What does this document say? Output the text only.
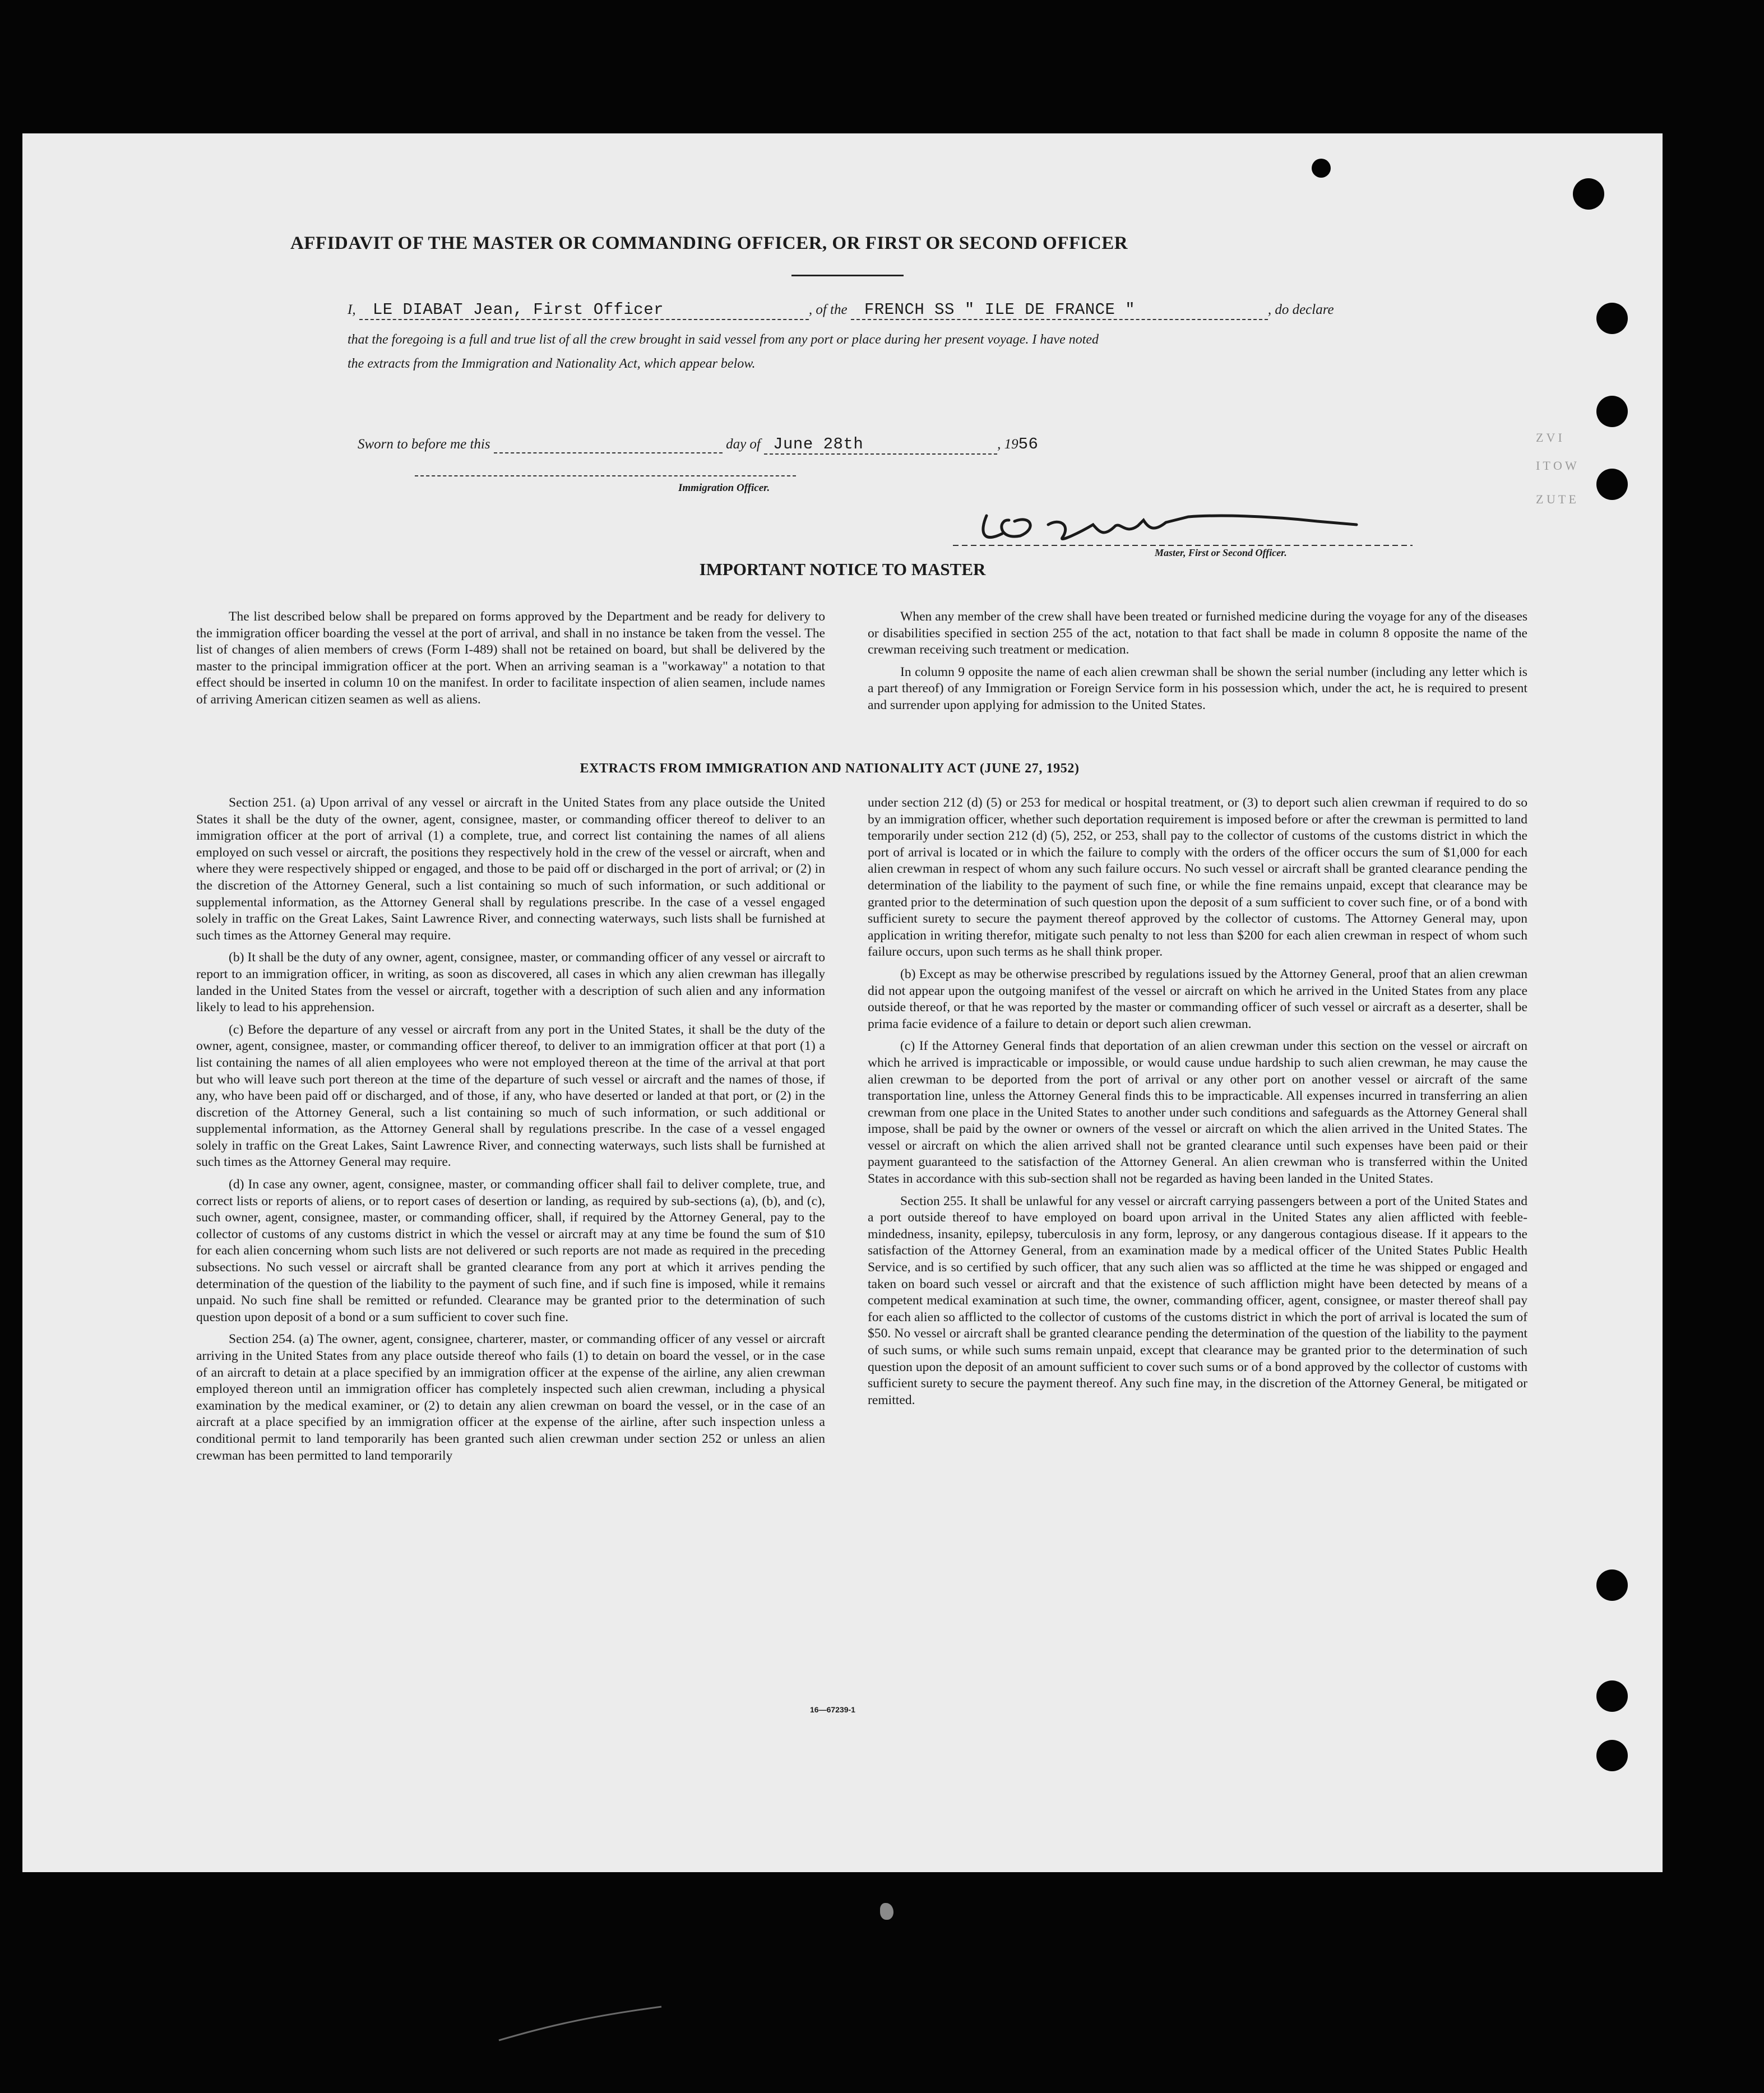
Z V I
I T O W
Z U T E
AFFIDAVIT OF THE MASTER OR COMMANDING OFFICER, OR FIRST OR SECOND OFFICER
I, LE DIABAT Jean, First Officer	, of the FRENCH SS " ILE DE FRANCE "	, do declare
that the foregoing is a full and true list of all the crew brought in said vessel from any port or place during her present voyage. I have noted
the extracts from the Immigration and Nationality Act, which appear below.
Master, First or Second Officer.
Sworn to before me this	day of June 28th	, 1956
Immigration Officer.
IMPORTANT NOTICE TO MASTER

The list described below shall be prepared on forms approved by the Department and be ready for delivery to the immigration officer boarding the vessel at the port of arrival, and shall in no instance be taken from the vessel. The list of changes of alien members of crews (Form I-489) shall not be retained on board, but shall be delivered by the master to the principal immigration officer at the port. When an arriving seaman is a "workaway" a notation to that effect should be inserted in column 10 on the manifest. In order to facilitate inspection of alien seamen, include names of arriving American citizen seamen as well as aliens.

When any member of the crew shall have been treated or furnished medicine during the voyage for any of the diseases or disabilities specified in section 255 of the act, notation to that fact shall be made in column 8 opposite the name of the crewman receiving such treatment or medication.

In column 9 opposite the name of each alien crewman shall be shown the serial number (including any letter which is a part thereof) of any Immigration or Foreign Service form in his possession which, under the act, he is required to present and surrender upon applying for admission to the United States.

EXTRACTS FROM IMMIGRATION AND NATIONALITY ACT (JUNE 27, 1952)

Section 251. (a) Upon arrival of any vessel or aircraft in the United States from any place outside the United States it shall be the duty of the owner, agent, consignee, master, or commanding officer thereof to deliver to an immigration officer at the port of arrival (1) a complete, true, and correct list containing the names of all aliens employed on such vessel or aircraft, the positions they respectively hold in the crew of the vessel or aircraft, when and where they were respectively shipped or engaged, and those to be paid off or discharged in the port of arrival; or (2) in the discretion of the Attorney General, such a list containing so much of such information, or such additional or supplemental information, as the Attorney General shall by regulations prescribe. In the case of a vessel engaged solely in traffic on the Great Lakes, Saint Lawrence River, and connecting waterways, such lists shall be furnished at such times as the Attorney General may require.

(b) It shall be the duty of any owner, agent, consignee, master, or commanding officer of any vessel or aircraft to report to an immigration officer, in writing, as soon as discovered, all cases in which any alien crewman has illegally landed in the United States from the vessel or aircraft, together with a description of such alien and any information likely to lead to his apprehension.

(c) Before the departure of any vessel or aircraft from any port in the United States, it shall be the duty of the owner, agent, consignee, master, or commanding officer thereof, to deliver to an immigration officer at that port (1) a list containing the names of all alien employees who were not employed thereon at the time of the arrival at that port but who will leave such port thereon at the time of the departure of such vessel or aircraft and the names of those, if any, who have been paid off or discharged, and of those, if any, who have deserted or landed at that port, or (2) in the discretion of the Attorney General, such a list containing so much of such information, or such additional or supplemental information, as the Attorney General shall by regulations prescribe. In the case of a vessel engaged solely in traffic on the Great Lakes, Saint Lawrence River, and connecting waterways, such lists shall be furnished at such times as the Attorney General may require.

(d) In case any owner, agent, consignee, master, or commanding officer shall fail to deliver complete, true, and correct lists or reports of aliens, or to report cases of desertion or landing, as required by sub-sections (a), (b), and (c), such owner, agent, consignee, master, or commanding officer, shall, if required by the Attorney General, pay to the collector of customs of any customs district in which the vessel or aircraft may at any time be found the sum of $10 for each alien concerning whom such lists are not delivered or such reports are not made as required in the preceding subsections. No such vessel or aircraft shall be granted clearance from any port at which it arrives pending the determination of the question of the liability to the payment of such fine, and if such fine is imposed, while it remains unpaid. No such fine shall be remitted or refunded. Clearance may be granted prior to the determination of such question upon deposit of a bond or a sum sufficient to cover such fine.

Section 254. (a) The owner, agent, consignee, charterer, master, or commanding officer of any vessel or aircraft arriving in the United States from any place outside thereof who fails (1) to detain on board the vessel, or in the case of an aircraft to detain at a place specified by an immigration officer at the expense of the airline, any alien crewman employed thereon until an immigration officer has completely inspected such alien crewman, including a physical examination by the medical examiner, or (2) to detain any alien crewman on board the vessel, or in the case of an aircraft at a place specified by an immigration officer at the expense of the airline, after such inspection unless a conditional permit to land temporarily has been granted such alien crewman under section 252 or unless an alien crewman has been permitted to land temporarily

under section 212 (d) (5) or 253 for medical or hospital treatment, or (3) to deport such alien crewman if required to do so by an immigration officer, whether such deportation requirement is imposed before or after the crewman is permitted to land temporarily under section 212 (d) (5), 252, or 253, shall pay to the collector of customs of the customs district in which the port of arrival is located or in which the failure to comply with the orders of the officer occurs the sum of $1,000 for each alien crewman in respect of whom any such failure occurs. No such vessel or aircraft shall be granted clearance pending the determination of the liability to the payment of such fine, or while the fine remains unpaid, except that clearance may be granted prior to the determination of such question upon the deposit of a sum sufficient to cover such fine, or of a bond with sufficient surety to secure the payment thereof approved by the collector of customs. The Attorney General may, upon application in writing therefor, mitigate such penalty to not less than $200 for each alien crewman in respect of whom such failure occurs, upon such terms as he shall think proper.

(b) Except as may be otherwise prescribed by regulations issued by the Attorney General, proof that an alien crewman did not appear upon the outgoing manifest of the vessel or aircraft on which he arrived in the United States from any place outside thereof, or that he was reported by the master or commanding officer of such vessel or aircraft as a deserter, shall be prima facie evidence of a failure to detain or deport such alien crewman.

(c) If the Attorney General finds that deportation of an alien crewman under this section on the vessel or aircraft on which he arrived is impracticable or impossible, or would cause undue hardship to such alien crewman, he may cause the alien crewman to be deported from the port of arrival or any other port on another vessel or aircraft of the same transportation line, unless the Attorney General finds this to be impracticable. All expenses incurred in transferring an alien crewman from one place in the United States to another under such conditions and safeguards as the Attorney General shall impose, shall be paid by the owner or owners of the vessel or aircraft on which the alien arrived in the United States. The vessel or aircraft on which the alien arrived shall not be granted clearance until such expenses have been paid or their payment guaranteed to the satisfaction of the Attorney General. An alien crewman who is transferred within the United States in accordance with this sub-section shall not be regarded as having been landed in the United States.

Section 255. It shall be unlawful for any vessel or aircraft carrying passengers between a port of the United States and a port outside thereof to have employed on board upon arrival in the United States any alien afflicted with feeble-mindedness, insanity, epilepsy, tuberculosis in any form, leprosy, or any dangerous contagious disease. If it appears to the satisfaction of the Attorney General, from an examination made by a medical officer of the United States Public Health Service, and is so certified by such officer, that any such alien was so afflicted at the time he was shipped or engaged and taken on board such vessel or aircraft and that the existence of such affliction might have been detected by means of a competent medical examination at such time, the owner, commanding officer, agent, consignee, or master thereof shall pay for each alien so afflicted to the collector of customs of the customs district in which the port of arrival is located the sum of $50. No vessel or aircraft shall be granted clearance pending the determination of the question of the liability to the payment of such sums, or while such sums remain unpaid, except that clearance may be granted prior to the determination of such question upon the deposit of an amount sufficient to cover such sums or of a bond approved by the collector of customs with sufficient surety to secure the payment thereof. Any such fine may, in the discretion of the Attorney General, be mitigated or remitted.

16—67239-1
